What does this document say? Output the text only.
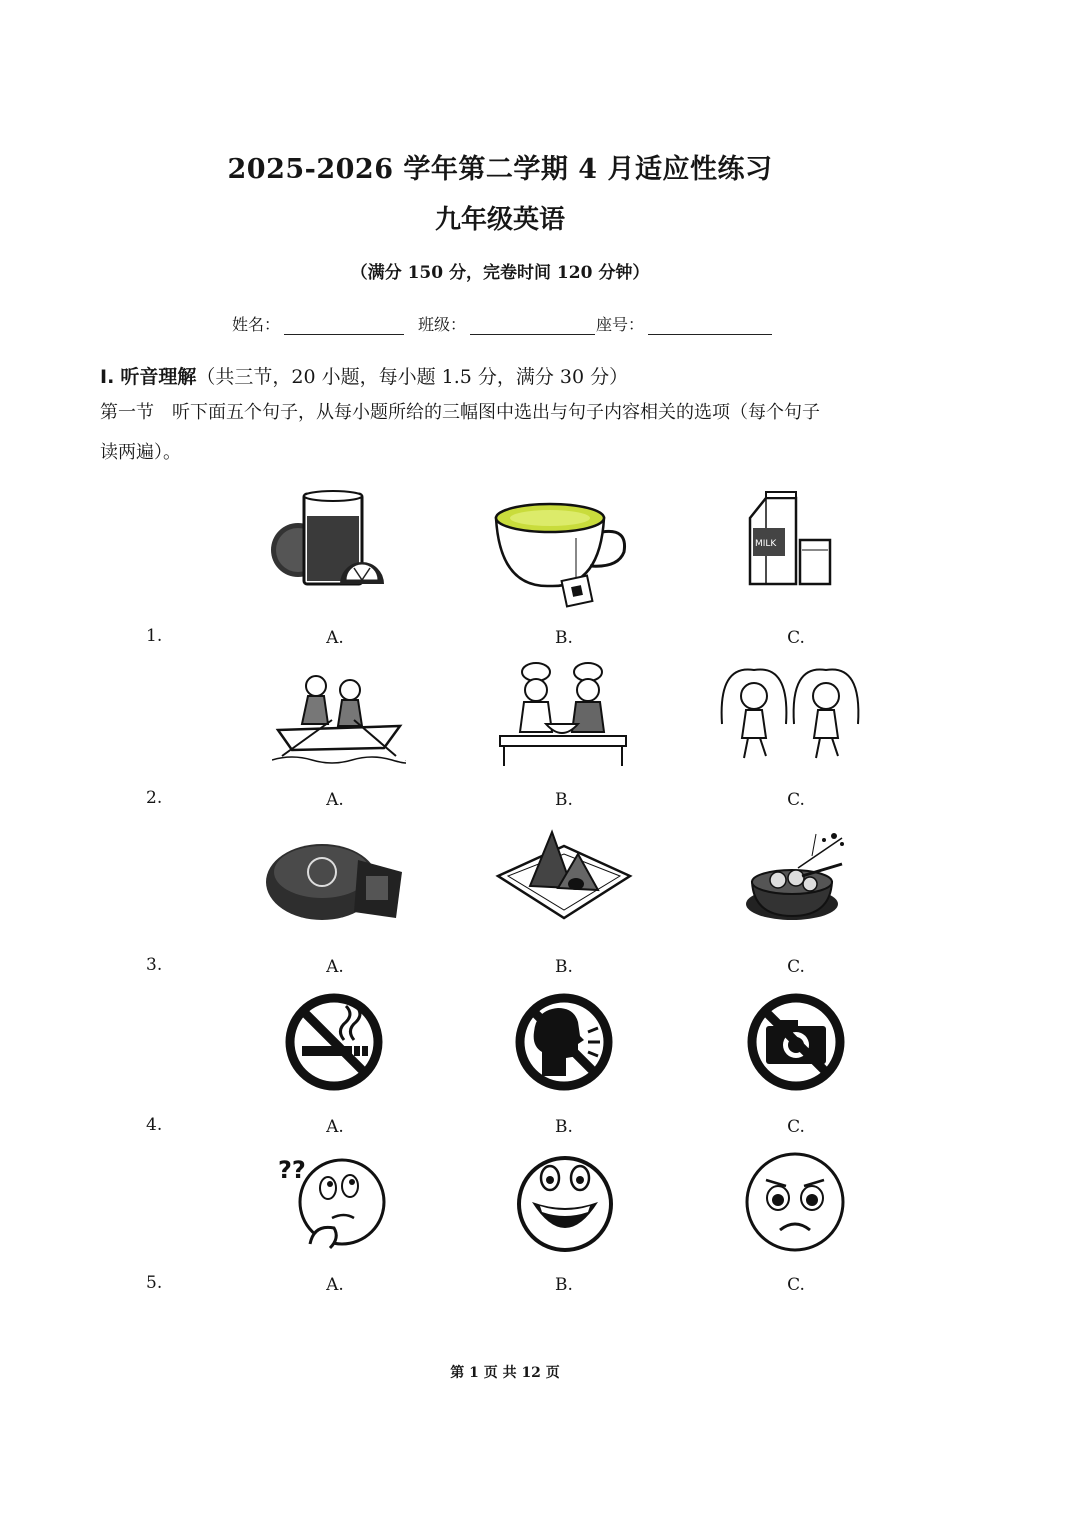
2025-2026 学年第二学期 4 月适应性练习
九年级英语
（满分 150 分，完卷时间 120 分钟）
姓名：	班级：	座号：
I. 听音理解（共三节，20 小题，每小题 1.5 分，满分 30 分）
第一节　听下面五个句子，从每小题所给的三幅图中选出与句子内容相关的选项（每个句子
读两遍）。
MILK
??
1.	A.	B.	C.
2.	A.	B.	C.
3.	A.	B.	C.
4.	A.	B.	C.
5.	A.	B.	C.
第 1 页 共 12 页
